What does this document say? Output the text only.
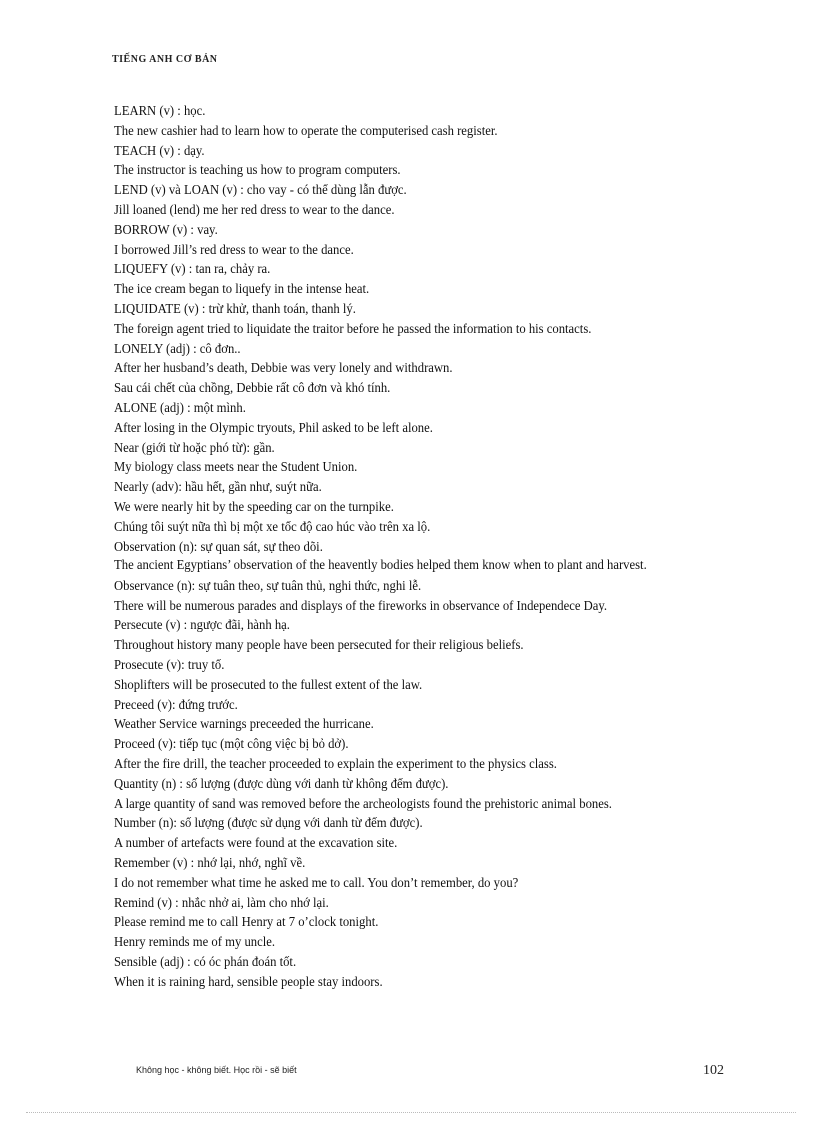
TIẾNG ANH CƠ BẢN
LEARN (v) : học.
The new cashier had to learn how to operate the computerised cash register.
TEACH (v) : dạy.
The instructor is teaching us how to program computers.
LEND (v) và LOAN (v) : cho vay - có thể dùng lẫn được.
Jill loaned (lend) me her red dress to wear to the dance.
BORROW (v) : vay.
I borrowed Jill’s red dress to wear to the dance.
LIQUEFY (v) : tan ra, chảy ra.
The ice cream began to liquefy in the intense heat.
LIQUIDATE (v) : trừ khử, thanh toán, thanh lý.
The foreign agent tried to liquidate the traitor before he passed the information to his contacts.
LONELY (adj) : cô đơn..
After her husband’s death, Debbie was very lonely and withdrawn.
Sau cái chết của chồng, Debbie rất cô đơn và khó tính.
ALONE (adj) : một mình.
After losing in the Olympic tryouts, Phil asked to be left alone.
Near (giới từ hoặc phó từ): gần.
My biology class meets near the Student Union.
Nearly (adv): hầu hết, gần như, suýt nữa.
We were nearly hit by the speeding car on the turnpike.
Chúng tôi suýt nữa thì bị một xe tốc độ cao húc vào trên xa lộ.
Observation (n): sự quan sát, sự theo dõi.
The ancient Egyptians’ observation of the heavently bodies helped them know when to plant and harvest.
Observance (n): sự tuân theo, sự tuân thủ, nghi thức, nghi lễ.
There will be numerous parades and displays of the fireworks in observance of Independece Day.
Persecute (v) : ngược đãi, hành hạ.
Throughout history many people have been persecuted for their religious beliefs.
Prosecute (v): truy tố.
Shoplifters will be prosecuted to the fullest extent of the law.
Preceed (v): đứng trước.
Weather Service warnings preceeded the hurricane.
Proceed (v): tiếp tục (một công việc bị bỏ dở).
After the fire drill, the teacher proceeded to explain the experiment to the physics class.
Quantity (n) : số lượng (được dùng với danh từ không đếm được).
A large quantity of sand was removed before the archeologists found the prehistoric animal bones.
Number (n): số lượng (được sử dụng với danh từ đếm được).
A number of artefacts were found at the excavation site.
Remember (v) : nhớ lại, nhớ, nghĩ về.
I do not remember what time he asked me to call. You don’t remember, do you?
Remind (v) : nhắc nhở ai, làm cho nhớ lại.
Please remind me to call Henry at 7 o’clock tonight.
Henry reminds me of my uncle.
Sensible (adj) : có óc phán đoán tốt.
When it is raining hard, sensible people stay indoors.
Không học - không biết. Học rồi - sẽ biết	102
